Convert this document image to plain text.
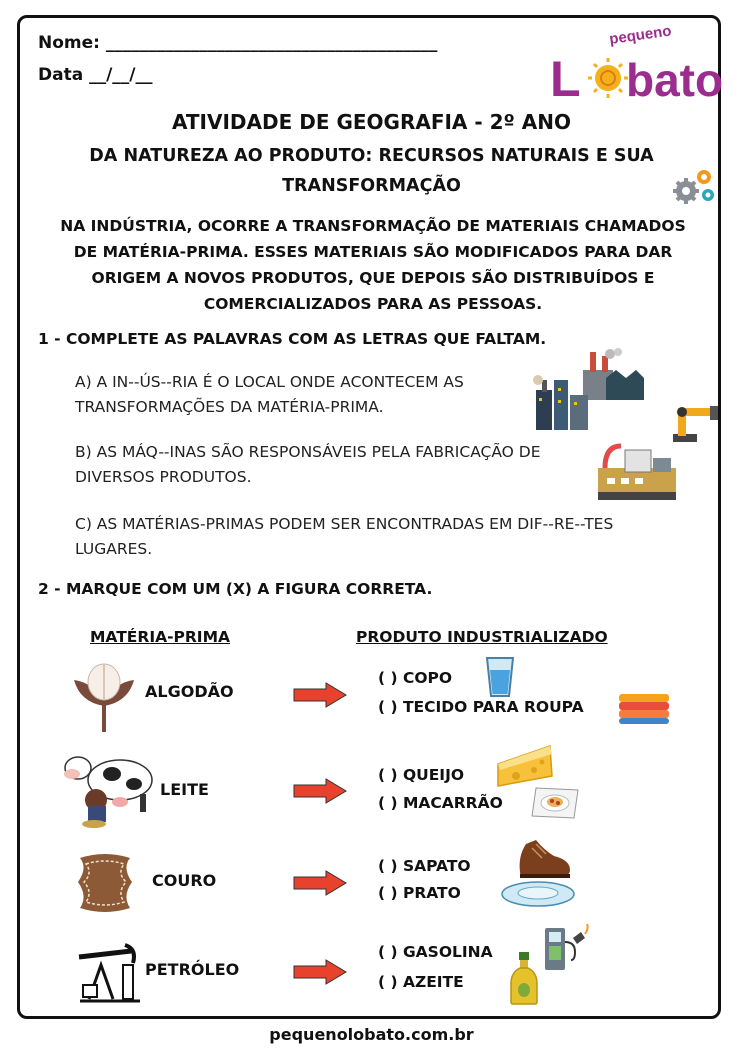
Nome: _______________________________________
Data __/__/__
pequeno
L bato
ATIVIDADE DE GEOGRAFIA - 2º ANO
DA NATUREZA AO PRODUTO: RECURSOS NATURAIS E SUA
TRANSFORMAÇÃO
NA INDÚSTRIA, OCORRE A TRANSFORMAÇÃO DE MATERIAIS CHAMADOS
DE MATÉRIA-PRIMA. ESSES MATERIAIS SÃO MODIFICADOS PARA DAR
ORIGEM A NOVOS PRODUTOS, QUE DEPOIS SÃO DISTRIBUÍDOS E
COMERCIALIZADOS PARA AS PESSOAS.
1 - COMPLETE AS PALAVRAS COM AS LETRAS QUE FALTAM.
A) A IN--ÚS--RIA É O LOCAL ONDE ACONTECEM AS
TRANSFORMAÇÕES DA MATÉRIA-PRIMA.
B) AS MÁQ--INAS SÃO RESPONSÁVEIS PELA FABRICAÇÃO DE
DIVERSOS PRODUTOS.
C) AS MATÉRIAS-PRIMAS PODEM SER ENCONTRADAS EM DIF--RE--TES
LUGARES.
2 - MARQUE COM UM (X) A FIGURA CORRETA.
MATÉRIA-PRIMA	PRODUTO INDUSTRIALIZADO
ALGODÃO
LEITE
COURO
PETRÓLEO
( ) COPO
( ) TECIDO PARA ROUPA
( ) QUEIJO
( ) MACARRÃO
( ) SAPATO
( ) PRATO
( ) GASOLINA
( ) AZEITE
pequenolobato.com.br
